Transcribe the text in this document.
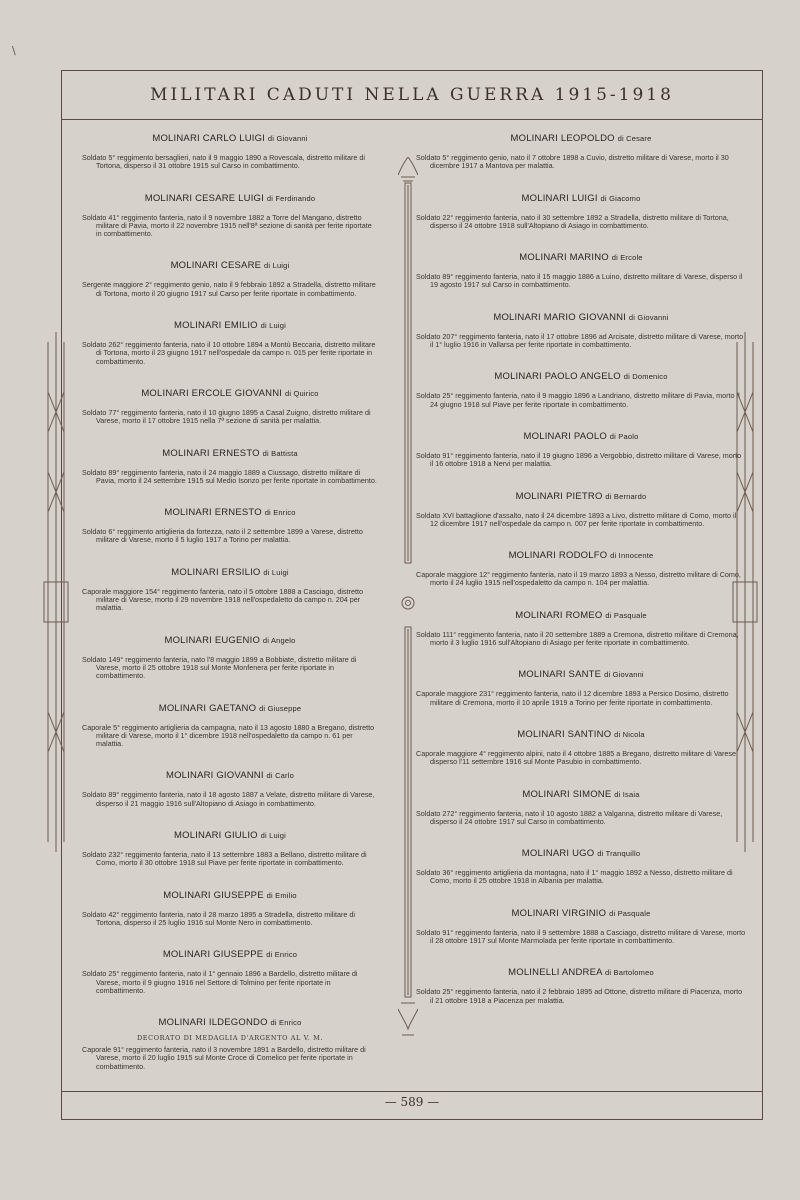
\
MILITARI CADUTI NELLA GUERRA 1915-1918
MOLINARI CARLO LUIGI di Giovanni

Soldato 5° reggimento bersaglieri, nato il 9 maggio 1890 a Rovescala, distretto militare di Tortona, disperso il 31 ottobre 1915 sul Carso in combattimento.

MOLINARI CESARE LUIGI di Ferdinando

Soldato 41° reggimento fanteria, nato il 9 novembre 1882 a Torre del Mangano, distretto militare di Pavia, morto il 22 novembre 1915 nell'8ª sezione di sanità per ferite riportate in combattimento.

MOLINARI CESARE di Luigi

Sergente maggiore 2° reggimento genio, nato il 9 febbraio 1892 a Stradella, distretto militare di Tortona, morto il 20 giugno 1917 sul Carso per ferite riportate in combattimento.

MOLINARI EMILIO di Luigi

Soldato 262° reggimento fanteria, nato il 10 ottobre 1894 a Montù Beccaria, distretto militare di Tortona, morto il 23 giugno 1917 nell'ospedale da campo n. 015 per ferite riportate in combattimento.

MOLINARI ERCOLE GIOVANNI di Quirico

Soldato 77° reggimento fanteria, nato il 10 giugno 1895 a Casal Zuigno, distretto militare di Varese, morto il 17 ottobre 1915 nella 7ª sezione di sanità per malattia.

MOLINARI ERNESTO di Battista

Soldato 89° reggimento fanteria, nato il 24 maggio 1889 a Ciussago, distretto militare di Pavia, morto il 24 settembre 1915 sul Medio Isonzo per ferite riportate in combattimento.

MOLINARI ERNESTO di Enrico

Soldato 6° reggimento artiglieria da fortezza, nato il 2 settembre 1899 a Varese, distretto militare di Varese, morto il 5 luglio 1917 a Torino per malattia.

MOLINARI ERSILIO di Luigi

Caporale maggiore 154° reggimento fanteria, nato il 5 ottobre 1888 a Casciago, distretto militare di Varese, morto il 29 novembre 1918 nell'ospedaletto da campo n. 204 per malattia.

MOLINARI EUGENIO di Angelo

Soldato 149° reggimento fanteria, nato l'8 maggio 1899 a Bobbiate, distretto militare di Varese, morto il 25 ottobre 1918 sul Monte Monfenera per ferite riportate in combattimento.

MOLINARI GAETANO di Giuseppe

Caporale 5° reggimento artiglieria da campagna, nato il 13 agosto 1880 a Bregano, distretto militare di Varese, morto il 1° dicembre 1918 nell'ospedaletto da campo n. 61 per malattia.

MOLINARI GIOVANNI di Carlo

Soldato 89° reggimento fanteria, nato il 18 agosto 1887 a Velate, distretto militare di Varese, disperso il 21 maggio 1916 sull'Altopiano di Asiago in combattimento.

MOLINARI GIULIO di Luigi

Soldato 232° reggimento fanteria, nato il 13 settembre 1883 a Bellano, distretto militare di Como, morto il 30 ottobre 1918 sul Piave per ferite riportate in combattimento.

MOLINARI GIUSEPPE di Emilio

Soldato 42° reggimento fanteria, nato il 28 marzo 1895 a Stradella, distretto militare di Tortona, disperso il 25 luglio 1916 sul Monte Nero in combattimento.

MOLINARI GIUSEPPE di Enrico

Soldato 25° reggimento fanteria, nato il 1° gennaio 1896 a Bardello, distretto militare di Varese, morto il 9 giugno 1916 nel Settore di Tolmino per ferite riportate in combattimento.

MOLINARI ILDEGONDO di Enrico
DECORATO DI MEDAGLIA D'ARGENTO AL V. M.

Caporale 91° reggimento fanteria, nato il 3 novembre 1891 a Bardello, distretto militare di Varese, morto il 20 luglio 1915 sul Monte Croce di Comelico per ferite riportate in combattimento.

MOLINARI LEOPOLDO di Cesare

Soldato 5° reggimento genio, nato il 7 ottobre 1898 a Cuvio, distretto militare di Varese, morto il 30 dicembre 1917 a Mantova per malattia.

MOLINARI LUIGI di Giacomo

Soldato 22° reggimento fanteria, nato il 30 settembre 1892 a Stradella, distretto militare di Tortona, disperso il 24 ottobre 1918 sull'Altopiano di Asiago in combattimento.

MOLINARI MARINO di Ercole

Soldato 89° reggimento fanteria, nato il 15 maggio 1886 a Luino, distretto militare di Varese, disperso il 19 agosto 1917 sul Carso in combattimento.

MOLINARI MARIO GIOVANNI di Giovanni

Soldato 207° reggimento fanteria, nato il 17 ottobre 1896 ad Arcisate, distretto militare di Varese, morto il 1° luglio 1916 in Vallarsa per ferite riportate in combattimento.

MOLINARI PAOLO ANGELO di Domenico

Soldato 25° reggimento fanteria, nato il 9 maggio 1896 a Landriano, distretto militare di Pavia, morto il 24 giugno 1918 sul Piave per ferite riportate in combattimento.

MOLINARI PAOLO di Paolo

Soldato 91° reggimento fanteria, nato il 19 giugno 1896 a Vergobbio, distretto militare di Varese, morto il 16 ottobre 1918 a Nervi per malattia.

MOLINARI PIETRO di Bernardo

Soldato XVI battaglione d'assalto, nato il 24 dicembre 1893 a Livo, distretto militare di Como, morto il 12 dicembre 1917 nell'ospedale da campo n. 007 per ferite riportate in combattimento.

MOLINARI RODOLFO di Innocente

Caporale maggiore 12° reggimento fanteria, nato il 19 marzo 1893 a Nesso, distretto militare di Como, morto il 24 luglio 1915 nell'ospedaletto da campo n. 104 per malattia.

MOLINARI ROMEO di Pasquale

Soldato 111° reggimento fanteria, nato il 20 settembre 1889 a Cremona, distretto militare di Cremona, morto il 3 luglio 1916 sull'Altopiano di Asiago per ferite riportate in combattimento.

MOLINARI SANTE di Giovanni

Caporale maggiore 231° reggimento fanteria, nato il 12 dicembre 1893 a Persico Dosimo, distretto militare di Cremona, morto il 10 aprile 1919 a Torino per ferite riportate in combattimento.

MOLINARI SANTINO di Nicola

Caporale maggiore 4° reggimento alpini, nato il 4 ottobre 1885 a Bregano, distretto militare di Varese, disperso l'11 settembre 1916 sul Monte Pasubio in combattimento.

MOLINARI SIMONE di Isaia

Soldato 272° reggimento fanteria, nato il 10 agosto 1882 a Valganna, distretto militare di Varese, disperso il 24 ottobre 1917 sul Carso in combattimento.

MOLINARI UGO di Tranquillo

Soldato 36° reggimento artiglieria da montagna, nato il 1° maggio 1892 a Nesso, distretto militare di Como, morto il 25 ottobre 1918 in Albania per malattia.

MOLINARI VIRGINIO di Pasquale

Soldato 91° reggimento fanteria, nato il 9 settembre 1888 a Casciago, distretto militare di Varese, morto il 28 ottobre 1917 sul Monte Marmolada per ferite riportate in combattimento.

MOLINELLI ANDREA di Bartolomeo

Soldato 25° reggimento fanteria, nato il 2 febbraio 1895 ad Ottone, distretto militare di Piacenza, morto il 21 ottobre 1918 a Piacenza per malattia.

— 589 —
